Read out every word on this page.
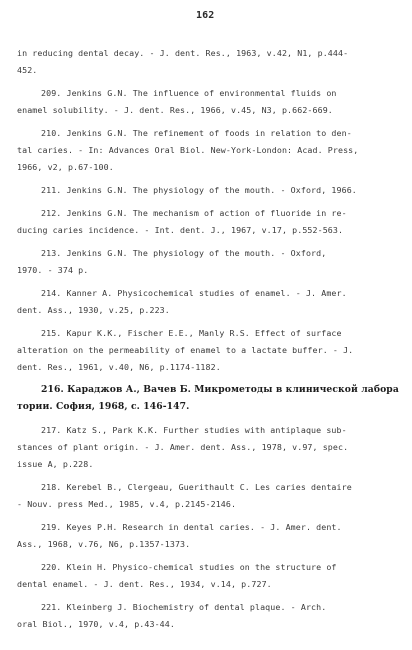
162
in reducing dental decay. - J. dent. Res., 1963, v.42, N1, p.444-
452.
209. Jenkins G.N. The influence of environmental fluids on
enamel solubility. - J. dent. Res., 1966, v.45, N3, p.662-669.
210. Jenkins G.N. The refinement of foods in relation to den-
tal caries. - In: Advances Oral Biol. New-York-London: Acad. Press,
1966, v2, p.67-100.
211. Jenkins G.N. The physiology of the mouth. - Oxford, 1966.
212. Jenkins G.N. The mechanism of action of fluoride in re-
ducing caries incidence. - Int. dent. J., 1967, v.17, p.552-563.
213. Jenkins G.N. The physiology of the mouth. - Oxford,
1970. - 374 p.
214. Kanner A. Physicochemical studies of enamel. - J. Amer.
dent. Ass., 1930, v.25, p.223.
215. Kapur K.K., Fischer E.E., Manly R.S. Effect of surface
alteration on the permeability of enamel to a lactate buffer. - J.
dent. Res., 1961, v.40, N6, p.1174-1182.
216. Караджов А., Вачев Б. Микрометоды в клинической лабора
тории. София, 1968, с. 146-147.
217. Katz S., Park K.K. Further studies with antiplaque sub-
stances of plant origin. - J. Amer. dent. Ass., 1978, v.97, spec.
issue A, p.228.
218. Kerebel B., Clergeau, Guerithault C. Les caries dentaire
- Nouv. press Med., 1985, v.4, p.2145-2146.
219. Keyes P.H. Research in dental caries. - J. Amer. dent.
Ass., 1968, v.76, N6, p.1357-1373.
220. Klein H. Physico-chemical studies on the structure of
dental enamel. - J. dent. Res., 1934, v.14, p.727.
221. Kleinberg J. Biochemistry of dental plaque. - Arch.
oral Biol., 1970, v.4, p.43-44.
